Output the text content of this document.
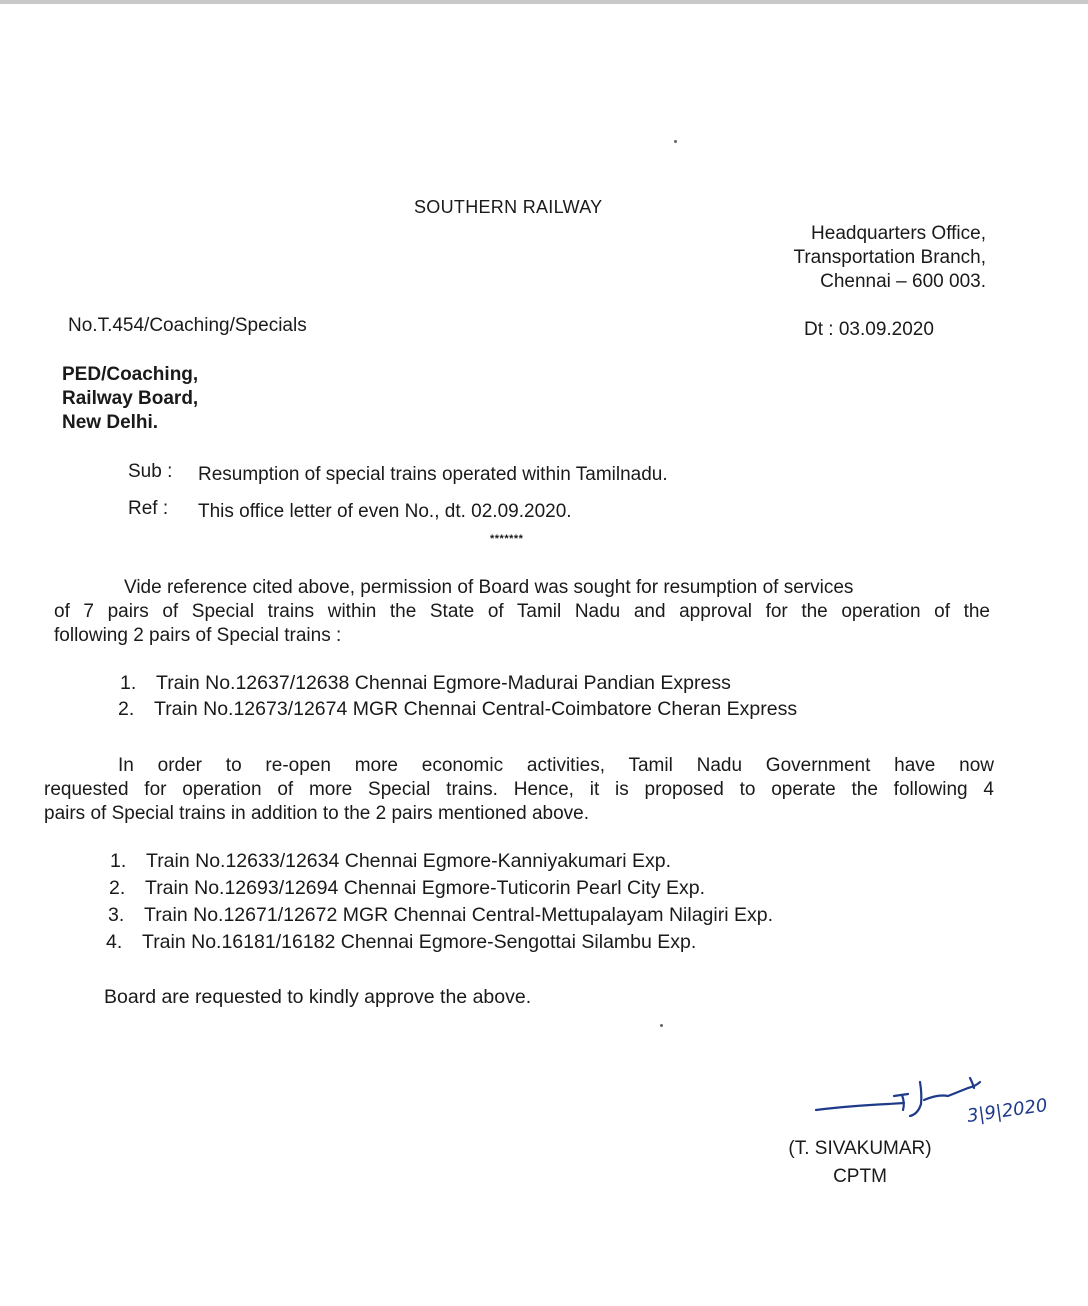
SOUTHERN RAILWAY
Headquarters Office,
Transportation Branch,
Chennai – 600 003.
No.T.454/Coaching/Specials	Dt : 03.09.2020
PED/Coaching,
Railway Board,
New Delhi.
Sub : Resumption of special trains operated within Tamilnadu.
Ref : This office letter of even No., dt. 02.09.2020.
*******
Vide reference cited above, permission of Board was sought for resumption of services
of 7 pairs of Special trains within the State of Tamil Nadu and approval for the operation of the
following 2 pairs of Special trains :
1. Train No.12637/12638 Chennai Egmore-Madurai Pandian Express
2. Train No.12673/12674 MGR Chennai Central-Coimbatore Cheran Express
In order to re-open more economic activities, Tamil Nadu Government have now
requested for operation of more Special trains. Hence, it is proposed to operate the following 4
pairs of Special trains in addition to the 2 pairs mentioned above.
1. Train No.12633/12634 Chennai Egmore-Kanniyakumari Exp.
2. Train No.12693/12694 Chennai Egmore-Tuticorin Pearl City Exp.
3. Train No.12671/12672 MGR Chennai Central-Mettupalayam Nilagiri Exp.
4. Train No.16181/16182 Chennai Egmore-Sengottai Silambu Exp.
Board are requested to kindly approve the above.
3|9|2020
(T. SIVAKUMAR)
CPTM
